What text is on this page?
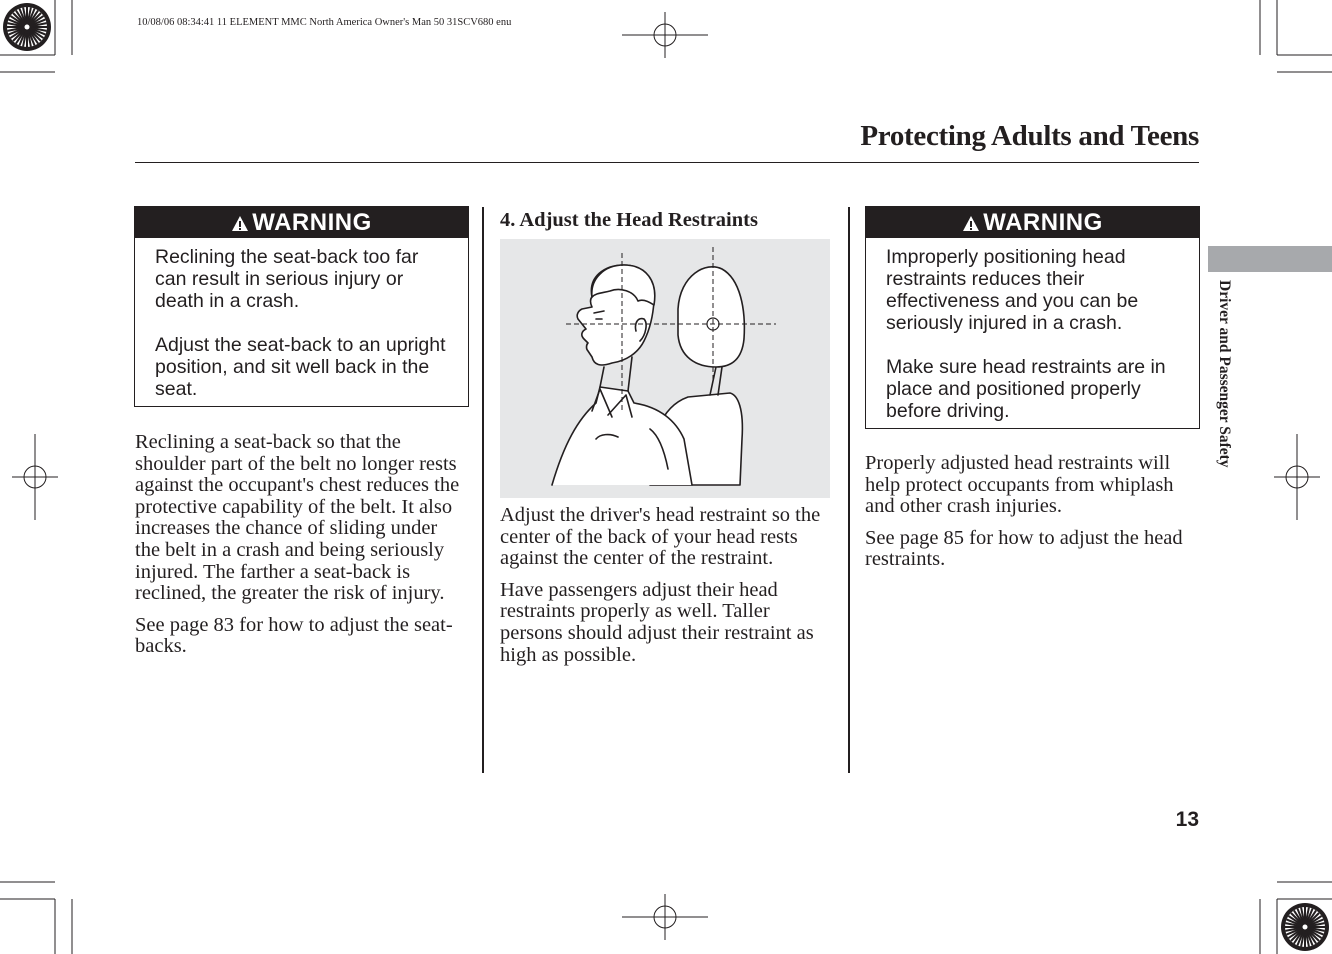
10/08/06 08:34:41 11 ELEMENT MMC North America Owner's Man 50 31SCV680 enu
Protecting Adults and Teens
WARNING

Reclining the seat-back too far can result in serious injury or death in a crash.

Adjust the seat-back to an upright position, and sit well back in the seat.

Reclining a seat-back so that the shoulder part of the belt no longer rests against the occupant's chest reduces the protective capability of the belt. It also increases the chance of sliding under the belt in a crash and being seriously injured. The farther a seat-back is reclined, the greater the risk of injury.

See page 83 for how to adjust the seat-backs.

4. Adjust the Head Restraints

Adjust the driver's head restraint so the center of the back of your head rests against the center of the restraint.

Have passengers adjust their head restraints properly as well. Taller persons should adjust their restraint as high as possible.

WARNING

Improperly positioning head restraints reduces their effectiveness and you can be seriously injured in a crash.

Make sure head restraints are in place and positioned properly before driving.

Properly adjusted head restraints will help protect occupants from whiplash and other crash injuries.

See page 85 for how to adjust the head restraints.

Driver and Passenger Safety
13
